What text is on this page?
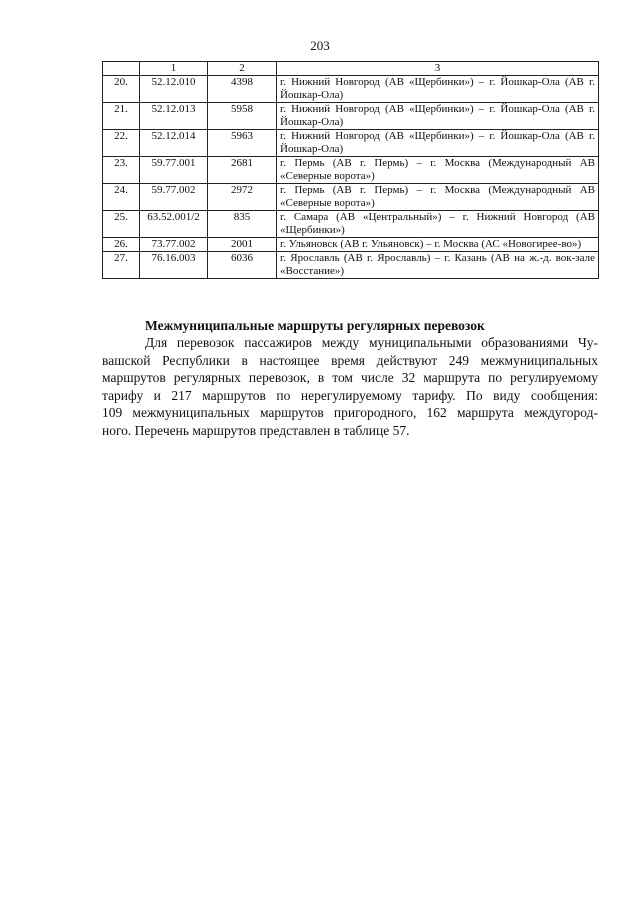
203
	1	2	3
20.	52.12.010	4398	г. Нижний Новгород (АВ «Щербинки») – г. Йошкар-Ола (АВ г. Йошкар-Ола)
21.	52.12.013	5958	г. Нижний Новгород (АВ «Щербинки») – г. Йошкар-Ола (АВ г. Йошкар-Ола)
22.	52.12.014	5963	г. Нижний Новгород (АВ «Щербинки») – г. Йошкар-Ола (АВ г. Йошкар-Ола)
23.	59.77.001	2681	г. Пермь (АВ г. Пермь) – г. Москва (Международный АВ «Северные ворота»)
24.	59.77.002	2972	г. Пермь (АВ г. Пермь) – г. Москва (Международный АВ «Северные ворота»)
25.	63.52.001/2	835	г. Самара (АВ «Центральный») – г. Нижний Новгород (АВ «Щербинки»)
26.	73.77.002	2001	г. Ульяновск (АВ г. Ульяновск) – г. Москва (АС «Новогирее-во»)
27.	76.16.003	6036	г. Ярославль (АВ г. Ярославль) – г. Казань (АВ на ж.-д. вок-зале «Восстание»)

Межмуниципальные маршруты регулярных перевозок

Для перевозок пассажиров между муниципальными образованиями Чу-
вашской Республики в настоящее время действуют 249 межмуниципальных
маршрутов регулярных перевозок, в том числе 32 маршрута по регулируемому
тарифу и 217 маршрутов по нерегулируемому тарифу. По виду сообщения:
109 межмуниципальных маршрутов пригородного, 162 маршрута междугород-
ного. Перечень маршрутов представлен в таблице 57.
